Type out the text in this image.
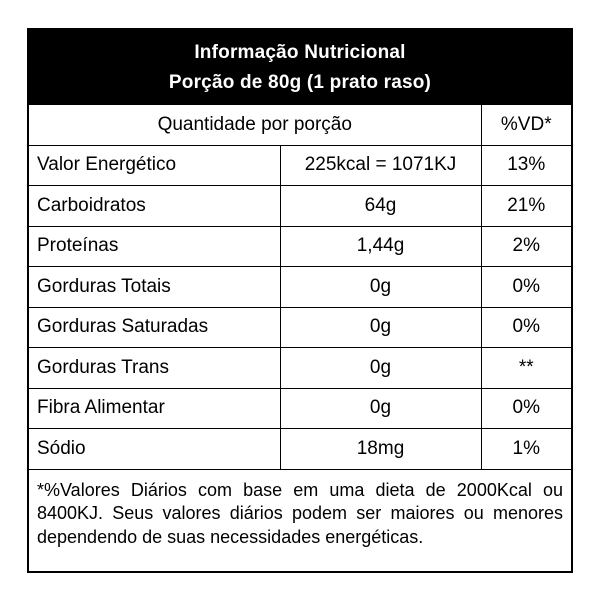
Informação Nutricional
Porção de 80g (1 prato raso)
Quantidade por porção		%VD*
Valor Energético	225kcal = 1071KJ	13%
Carboidratos	64g	21%
Proteínas	1,44g	2%
Gorduras Totais	0g	0%
Gorduras Saturadas	0g	0%
Gorduras Trans	0g	**
Fibra Alimentar	0g	0%
Sódio	18mg	1%
*%Valores Diários com base em uma dieta de 2000Kcal ou 8400KJ. Seus valores diários podem ser maiores ou menores dependendo de suas necessidades energéticas.
